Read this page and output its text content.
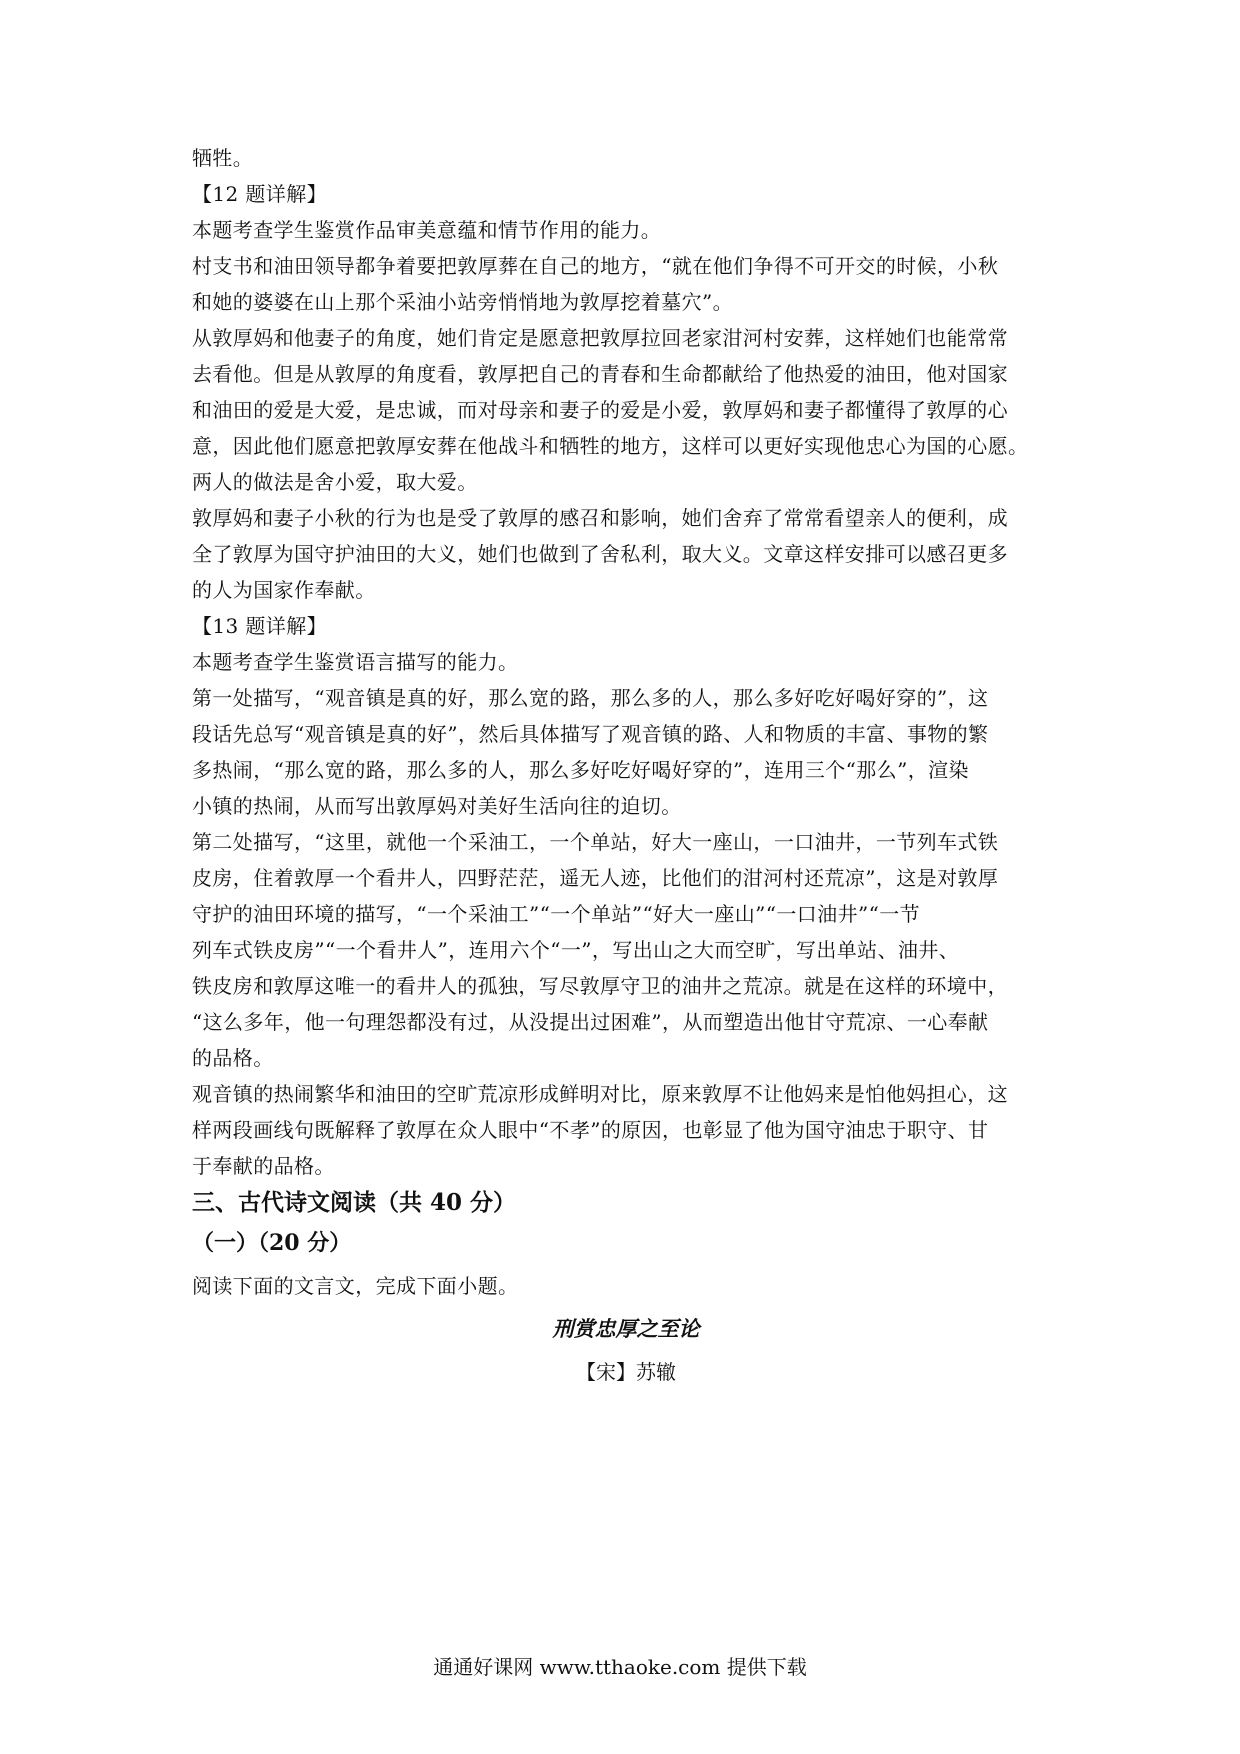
牺牲。
【12 题详解】
本题考查学生鉴赏作品审美意蕴和情节作用的能力。
村支书和油田领导都争着要把敦厚葬在自己的地方，“就在他们争得不可开交的时候，小秋
和她的婆婆在山上那个采油小站旁悄悄地为敦厚挖着墓穴”。
从敦厚妈和他妻子的角度，她们肯定是愿意把敦厚拉回老家泔河村安葬，这样她们也能常常
去看他。但是从敦厚的角度看，敦厚把自己的青春和生命都献给了他热爱的油田，他对国家
和油田的爱是大爱，是忠诚，而对母亲和妻子的爱是小爱，敦厚妈和妻子都懂得了敦厚的心
意，因此他们愿意把敦厚安葬在他战斗和牺牲的地方，这样可以更好实现他忠心为国的心愿。
两人的做法是舍小爱，取大爱。
敦厚妈和妻子小秋的行为也是受了敦厚的感召和影响，她们舍弃了常常看望亲人的便利，成
全了敦厚为国守护油田的大义，她们也做到了舍私利，取大义。文章这样安排可以感召更多
的人为国家作奉献。
【13 题详解】
本题考查学生鉴赏语言描写的能力。
第一处描写，“观音镇是真的好，那么宽的路，那么多的人，那么多好吃好喝好穿的”，这
段话先总写“观音镇是真的好”，然后具体描写了观音镇的路、人和物质的丰富、事物的繁
多热闹，“那么宽的路，那么多的人，那么多好吃好喝好穿的”，连用三个“那么”，渲染
小镇的热闹，从而写出敦厚妈对美好生活向往的迫切。
第二处描写，“这里，就他一个采油工，一个单站，好大一座山，一口油井，一节列车式铁
皮房，住着敦厚一个看井人，四野茫茫，遥无人迹，比他们的泔河村还荒凉”，这是对敦厚
守护的油田环境的描写，“一个采油工”“一个单站”“好大一座山”“一口油井”“一节
列车式铁皮房”“一个看井人”，连用六个“一”，写出山之大而空旷，写出单站、油井、
铁皮房和敦厚这唯一的看井人的孤独，写尽敦厚守卫的油井之荒凉。就是在这样的环境中，
“这么多年，他一句理怨都没有过，从没提出过困难”，从而塑造出他甘守荒凉、一心奉献
的品格。
观音镇的热闹繁华和油田的空旷荒凉形成鲜明对比，原来敦厚不让他妈来是怕他妈担心，这
样两段画线句既解释了敦厚在众人眼中“不孝”的原因，也彰显了他为国守油忠于职守、甘
于奉献的品格。
三、古代诗文阅读（共 40 分）
（一）（20 分）
阅读下面的文言文，完成下面小题。
刑赏忠厚之至论
【宋】苏辙
通通好课网 www.tthaoke.com 提供下载
